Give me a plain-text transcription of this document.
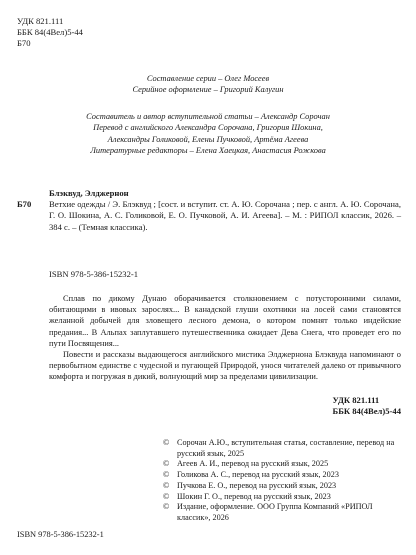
УДК 821.111
ББК 84(4Вел)5-44
Б70
Составление серии – Олег Мосеев
Серийное оформление – Григорий Калугин
Составитель и автор вступительной статьи – Александр Сорочан
Перевод с английского Александра Сорочана, Григория Шокина,
Александры Голиковой, Елены Пучковой, Артёма Агеева
Литературные редакторы – Елена Хаецкая, Анастасия Рожкова
Блэквуд, Элджернон
Б70 Ветхие одежды / Э. Блэквуд ; [сост. и вступит. ст. А. Ю. Сорочана ; пер. с англ. А. Ю. Сорочана, Г. О. Шокина, А. С. Голиковой, Е. О. Пучковой, А. И. Агеева]. – М. : РИПОЛ классик, 2026. – 384 с. – (Темная классика).
ISBN 978-5-386-15232-1

Сплав по дикому Дунаю оборачивается столкновением с потусторонними силами, обитающими в ивовых зарослях... В канадской глуши охотники на лосей сами становятся желанной добычей для зловещего лесного демона, о котором помнят только индейские предания... В Альпах заплутавшего путешественника ожидает Дева Снега, что проведет его по пути Посвящения...

Повести и рассказы выдающегося английского мистика Элджернона Блэквуда напоминают о первобытном единстве с чудесной и пугающей Природой, унося читателей далеко от привычного комфорта и погружая в дикий, волнующий мир за пределами цивилизации.

УДК 821.111
ББК 84(4Вел)5-44
© Сорочан А.Ю., вступительная статья, составление, перевод на русский язык, 2025
© Агеев А. И., перевод на русский язык, 2025
© Голикова А. С., перевод на русский язык, 2023
© Пучкова Е. О., перевод на русский язык, 2023
© Шокин Г. О., перевод на русский язык, 2023
© Издание, оформление. ООО Группа Компаний «РИПОЛ классик», 2026
ISBN 978-5-386-15232-1
